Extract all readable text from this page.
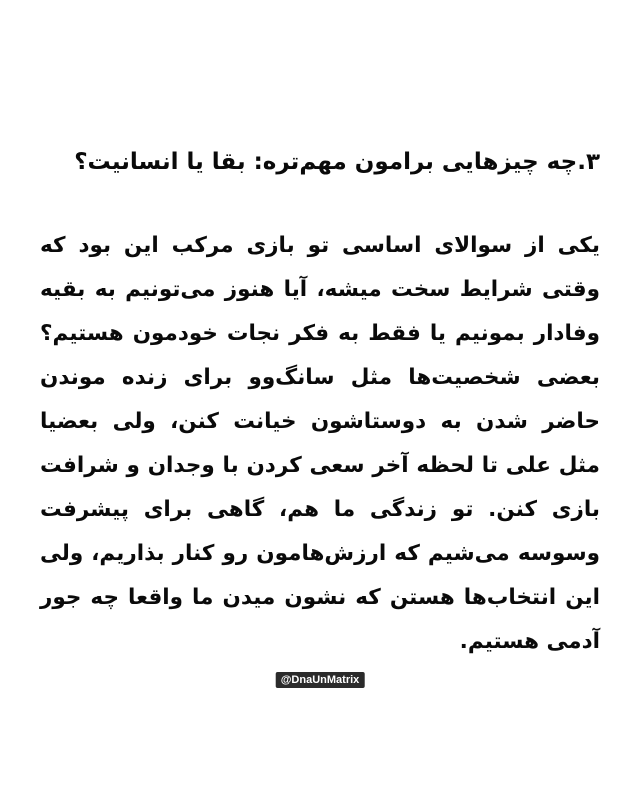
۳.چه چیزهایی برامون مهم‌تره: بقا یا انسانیت؟

یکی از سوالای اساسی تو بازی مرکب این بود که وقتی شرایط سخت میشه، آیا هنوز می‌تونیم به بقیه وفادار بمونیم یا فقط به فکر نجات خودمون هستیم؟ بعضی شخصیت‌ها مثل سانگ‌وو برای زنده موندن حاضر شدن به دوستاشون خیانت کنن، ولی بعضیا مثل علی تا لحظه آخر سعی کردن با وجدان و شرافت بازی کنن. تو زندگی ما هم، گاهی برای پیشرفت وسوسه می‌شیم که ارزش‌هامون رو کنار بذاریم، ولی این انتخاب‌ها هستن که نشون میدن ما واقعا چه جور آدمی هستیم.

@DnaUnMatrix
